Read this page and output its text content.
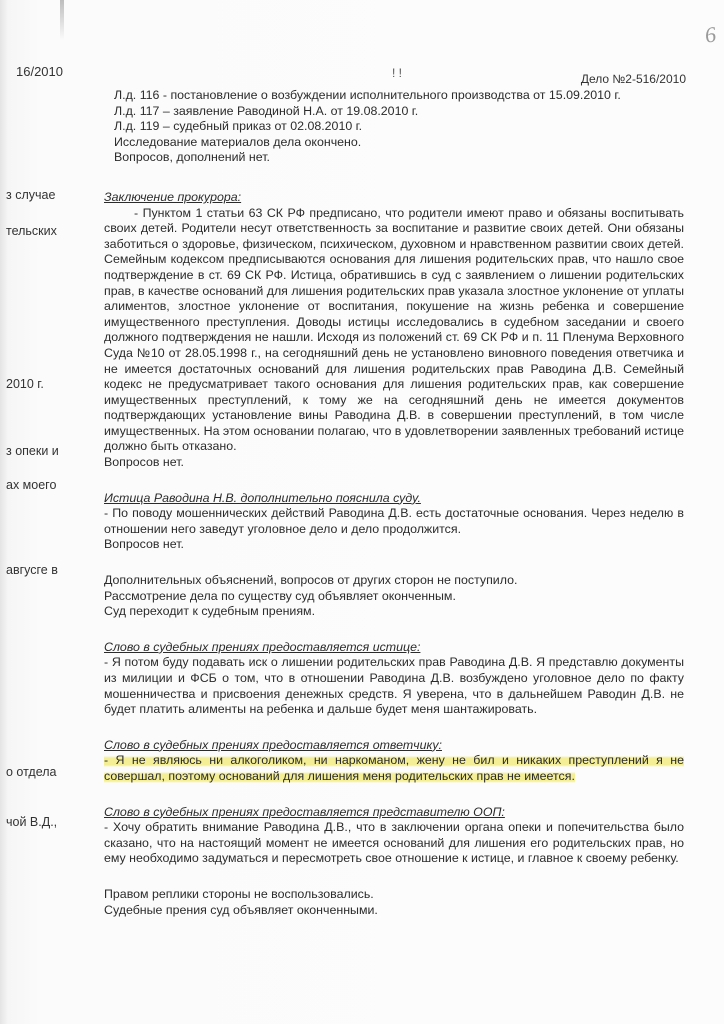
6
16/2010	! !	Дело №2-516/2010
з случае
тельских
2010 г.
з опеки и
ах моего
авгусге в
о отдела
чой В.Д.,

Л.д. 116 - постановление о возбуждении исполнительного производства от 15.09.2010 г.

Л.д. 117 – заявление Раводиной Н.А. от 19.08.2010 г.

Л.д. 119 – судебный приказ от 02.08.2010 г.

Исследование материалов дела окончено.

Вопросов, дополнений нет.

Заключение прокурора:

- Пунктом 1 статьи 63 СК РФ предписано, что родители имеют право и обязаны воспитывать своих детей. Родители несут ответственность за воспитание и развитие своих детей. Они обязаны заботиться о здоровье, физическом, психическом, духовном и нравственном развитии своих детей. Семейным кодексом предписываются основания для лишения родительских прав, что нашло свое подтверждение в ст. 69 СК РФ. Истица, обратившись в суд с заявлением о лишении родительских прав, в качестве оснований для лишения родительских прав указала злостное уклонение от уплаты алиментов, злостное уклонение от воспитания, покушение на жизнь ребенка и совершение имущественного преступления. Доводы истицы исследовались в судебном заседании и своего должного подтверждения не нашли. Исходя из положений ст. 69 СК РФ и п. 11 Пленума Верховного Суда №10 от 28.05.1998 г., на сегодняшний день не установлено виновного поведения ответчика и не имеется достаточных оснований для лишения родительских прав Раводина Д.В. Семейный кодекс не предусматривает такого основания для лишения родительских прав, как совершение имущественных преступлений, к тому же на сегодняшний день не имеется документов подтверждающих установление вины Раводина Д.В. в совершении преступлений, в том числе имущественных. На этом основании полагаю, что в удовлетворении заявленных требований истице должно быть отказано.

Вопросов нет.

Истица Раводина Н.В. дополнительно пояснила суду.

- По поводу мошеннических действий Раводина Д.В. есть достаточные основания. Через неделю в отношении него заведут уголовное дело и дело продолжится.

Вопросов нет.

Дополнительных объяснений, вопросов от других сторон не поступило.

Рассмотрение дела по существу суд объявляет оконченным.

Суд переходит к судебным прениям.

Слово в судебных прениях предоставляется истице:

- Я потом буду подавать иск о лишении родительских прав Раводина Д.В. Я представлю документы из милиции и ФСБ о том, что в отношении Раводина Д.В. возбуждено уголовное дело по факту мошенничества и присвоения денежных средств. Я уверена, что в дальнейшем Раводин Д.В. не будет платить алименты на ребенка и дальше будет меня шантажировать.

Слово в судебных прениях предоставляется ответчику:

- Я не являюсь ни алкоголиком, ни наркоманом, жену не бил и никаких преступлений я не совершал, поэтому оснований для лишения меня родительских прав не имеется.

Слово в судебных прениях предоставляется представителю ООП:

- Хочу обратить внимание Раводина Д.В., что в заключении органа опеки и попечительства было сказано, что на настоящий момент не имеется оснований для лишения его родительских прав, но ему необходимо задуматься и пересмотреть свое отношение к истице, и главное к своему ребенку.

Правом реплики стороны не воспользовались.

Судебные прения суд объявляет оконченными.
